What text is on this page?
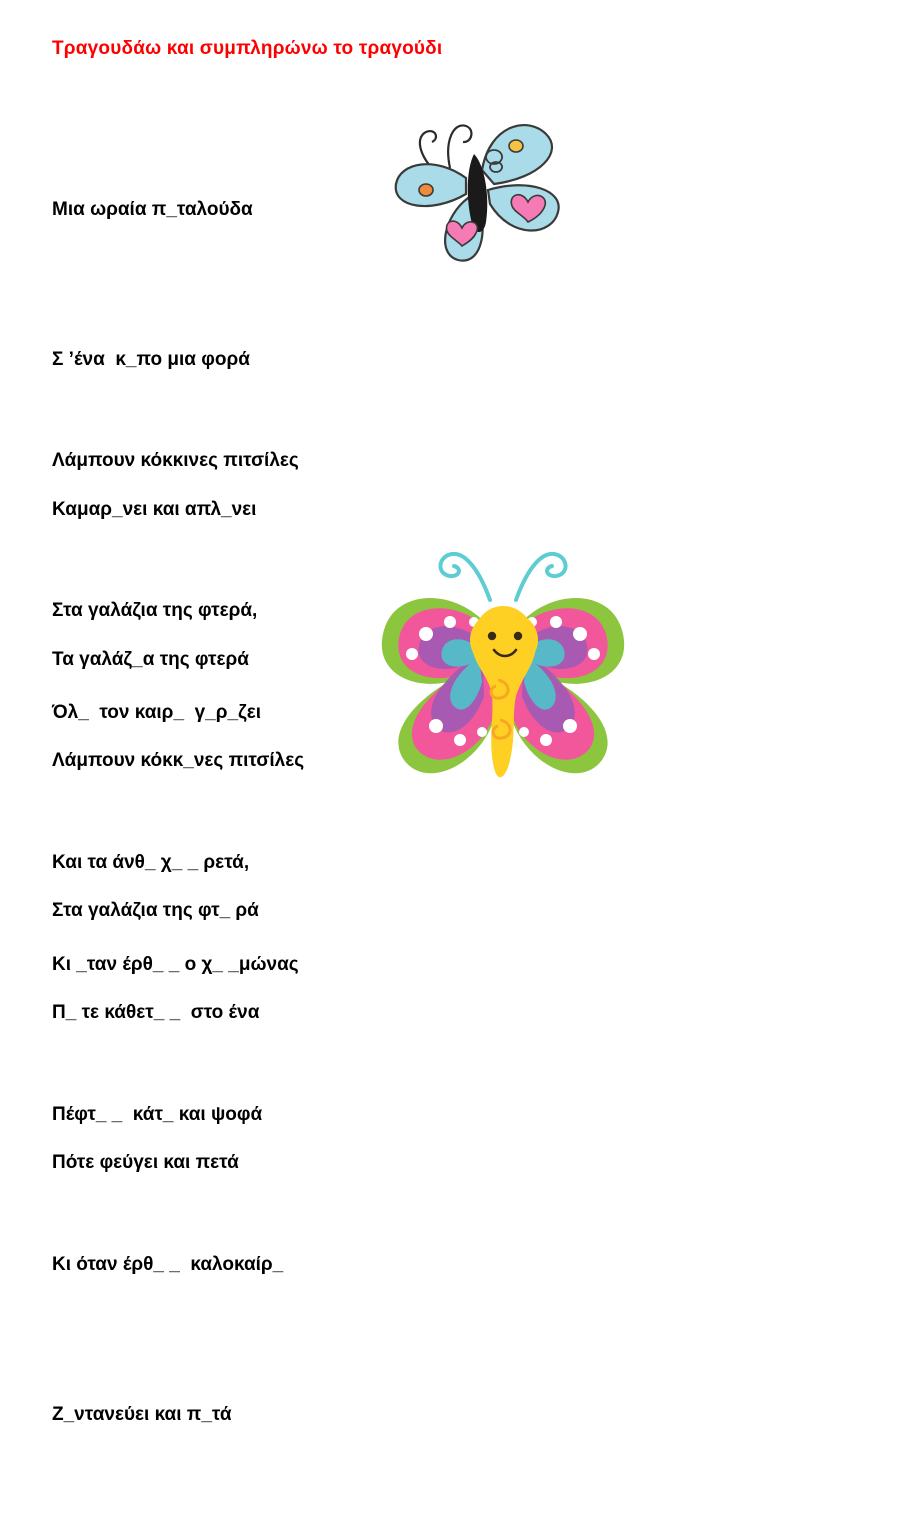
Τραγουδάω και συμπληρώνω το τραγούδι

Μια ωραία π_ταλούδα

Σ ’ένα  κ_πο μια φορά

Καμαρ_νει και απλ_νει

Τα γαλάζ_α της φτερά

Λάμπουν κόκκινες πιτσίλες

Στα γαλάζια της φτερά,

Λάμπουν κόκκ_νες πιτσίλες

Στα γαλάζια της φτ_ ρά

Όλ_  τον καιρ_  γ_ρ_ζει

Και τα άνθ_ χ_ _ ρετά,

Π_ τε κάθετ_ _  στο ένα

Πότε φεύγει και πετά

Κι _ταν έρθ_ _ ο χ_ _μώνας

Πέφτ_ _  κάτ_ και ψοφά

Κι όταν έρθ_ _  καλοκαίρ_

Ζ_ντανεύει και π_τά
